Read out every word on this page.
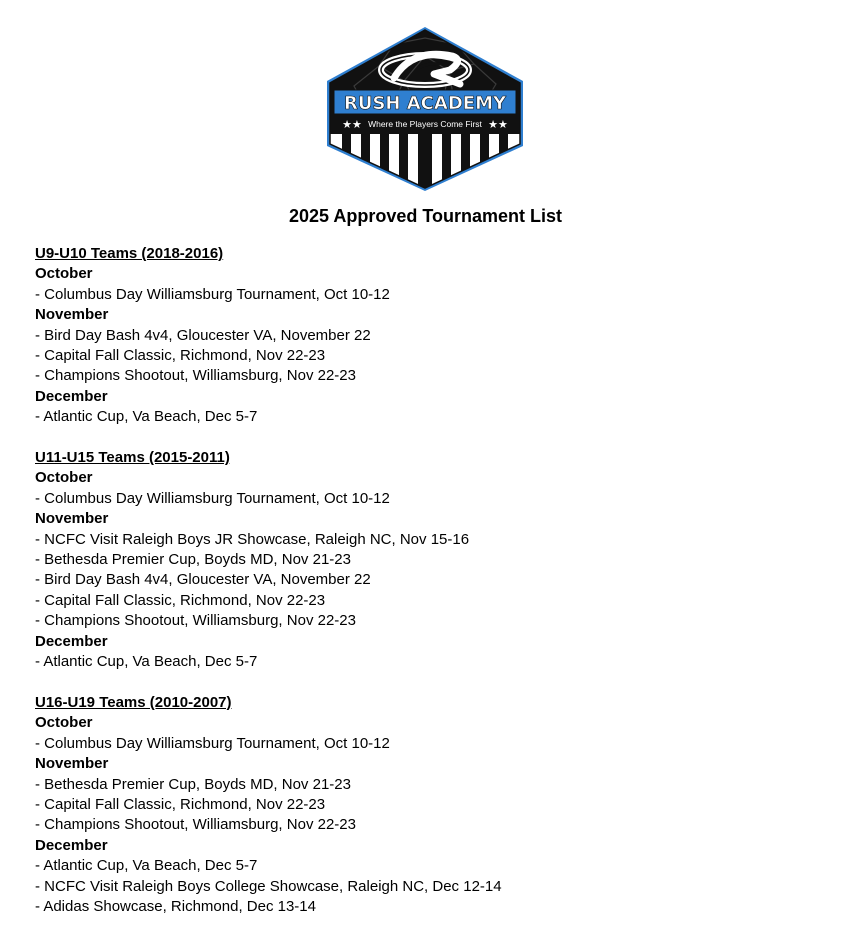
RUSH ACADEMY
★★ Where the Players Come First ★★
2025 Approved Tournament List
U9-U10 Teams (2018-2016)
October
- Columbus Day Williamsburg Tournament, Oct 10-12
November
- Bird Day Bash 4v4, Gloucester VA, November 22
- Capital Fall Classic, Richmond, Nov 22-23
- Champions Shootout, Williamsburg, Nov 22-23
December
- Atlantic Cup, Va Beach, Dec 5-7
U11-U15 Teams (2015-2011)
October
- Columbus Day Williamsburg Tournament, Oct 10-12
November
- NCFC Visit Raleigh Boys JR Showcase, Raleigh NC, Nov 15-16
- Bethesda Premier Cup, Boyds MD, Nov 21-23
- Bird Day Bash 4v4, Gloucester VA, November 22
- Capital Fall Classic, Richmond, Nov 22-23
- Champions Shootout, Williamsburg, Nov 22-23
December
- Atlantic Cup, Va Beach, Dec 5-7
U16-U19 Teams (2010-2007)
October
- Columbus Day Williamsburg Tournament, Oct 10-12
November
- Bethesda Premier Cup, Boyds MD, Nov 21-23
- Capital Fall Classic, Richmond, Nov 22-23
- Champions Shootout, Williamsburg, Nov 22-23
December
- Atlantic Cup, Va Beach, Dec 5-7
- NCFC Visit Raleigh Boys College Showcase, Raleigh NC, Dec 12-14
- Adidas Showcase, Richmond, Dec 13-14
